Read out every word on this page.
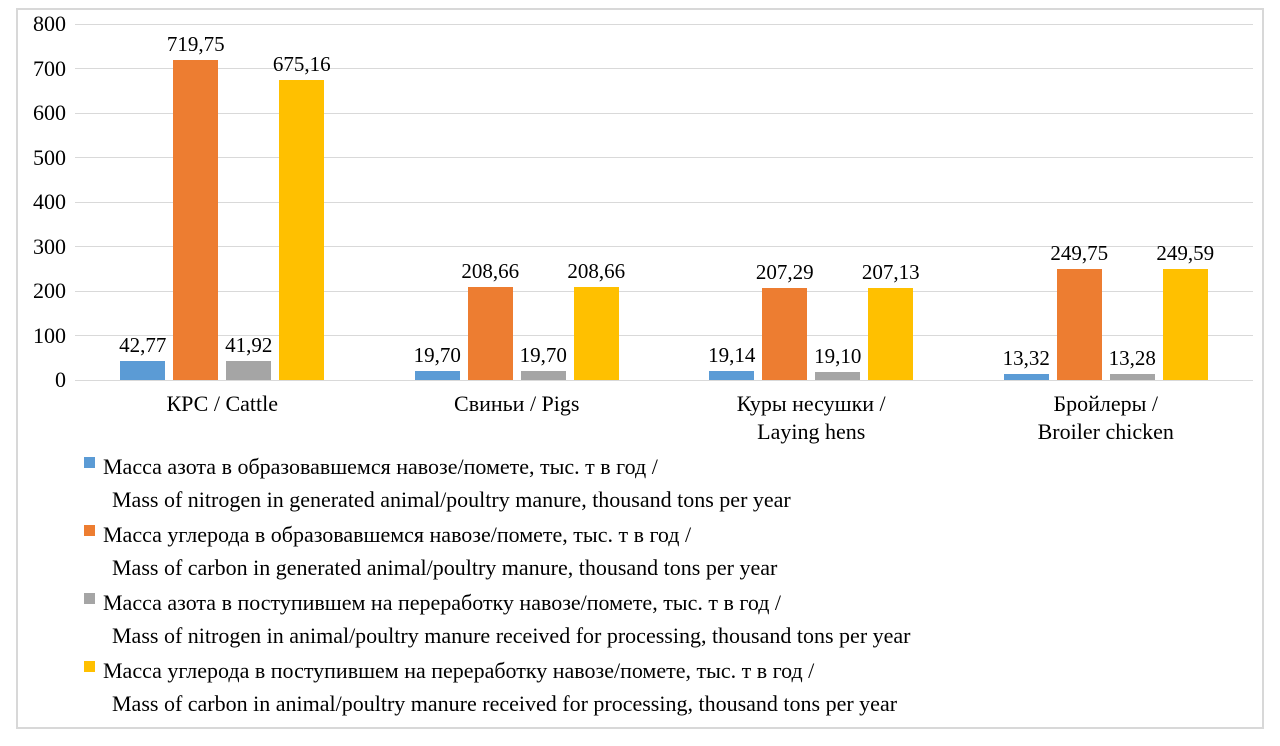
0
100
200
300
400
500
600
700
800
42,77
719,75
41,92
675,16
КРС / Cattle
19,70
208,66
19,70
208,66
Свиньи / Pigs
19,14
207,29
19,10
207,13
Куры несушки /
Laying hens
13,32
249,75
13,28
249,59
Бройлеры /
Broiler chicken
Масса азота в образовавшемся навозе/помете, тыс. т в год /
Mass of nitrogen in generated animal/poultry manure, thousand tons per year
Масса углерода в образовавшемся навозе/помете, тыс. т в год /
Mass of carbon in generated animal/poultry manure, thousand tons per year
Масса азота в поступившем на переработку навозе/помете, тыс. т в год /
Mass of nitrogen in animal/poultry manure received for processing, thousand tons per year
Масса углерода в поступившем на переработку навозе/помете, тыс. т в год /
Mass of carbon in animal/poultry manure received for processing, thousand tons per year
